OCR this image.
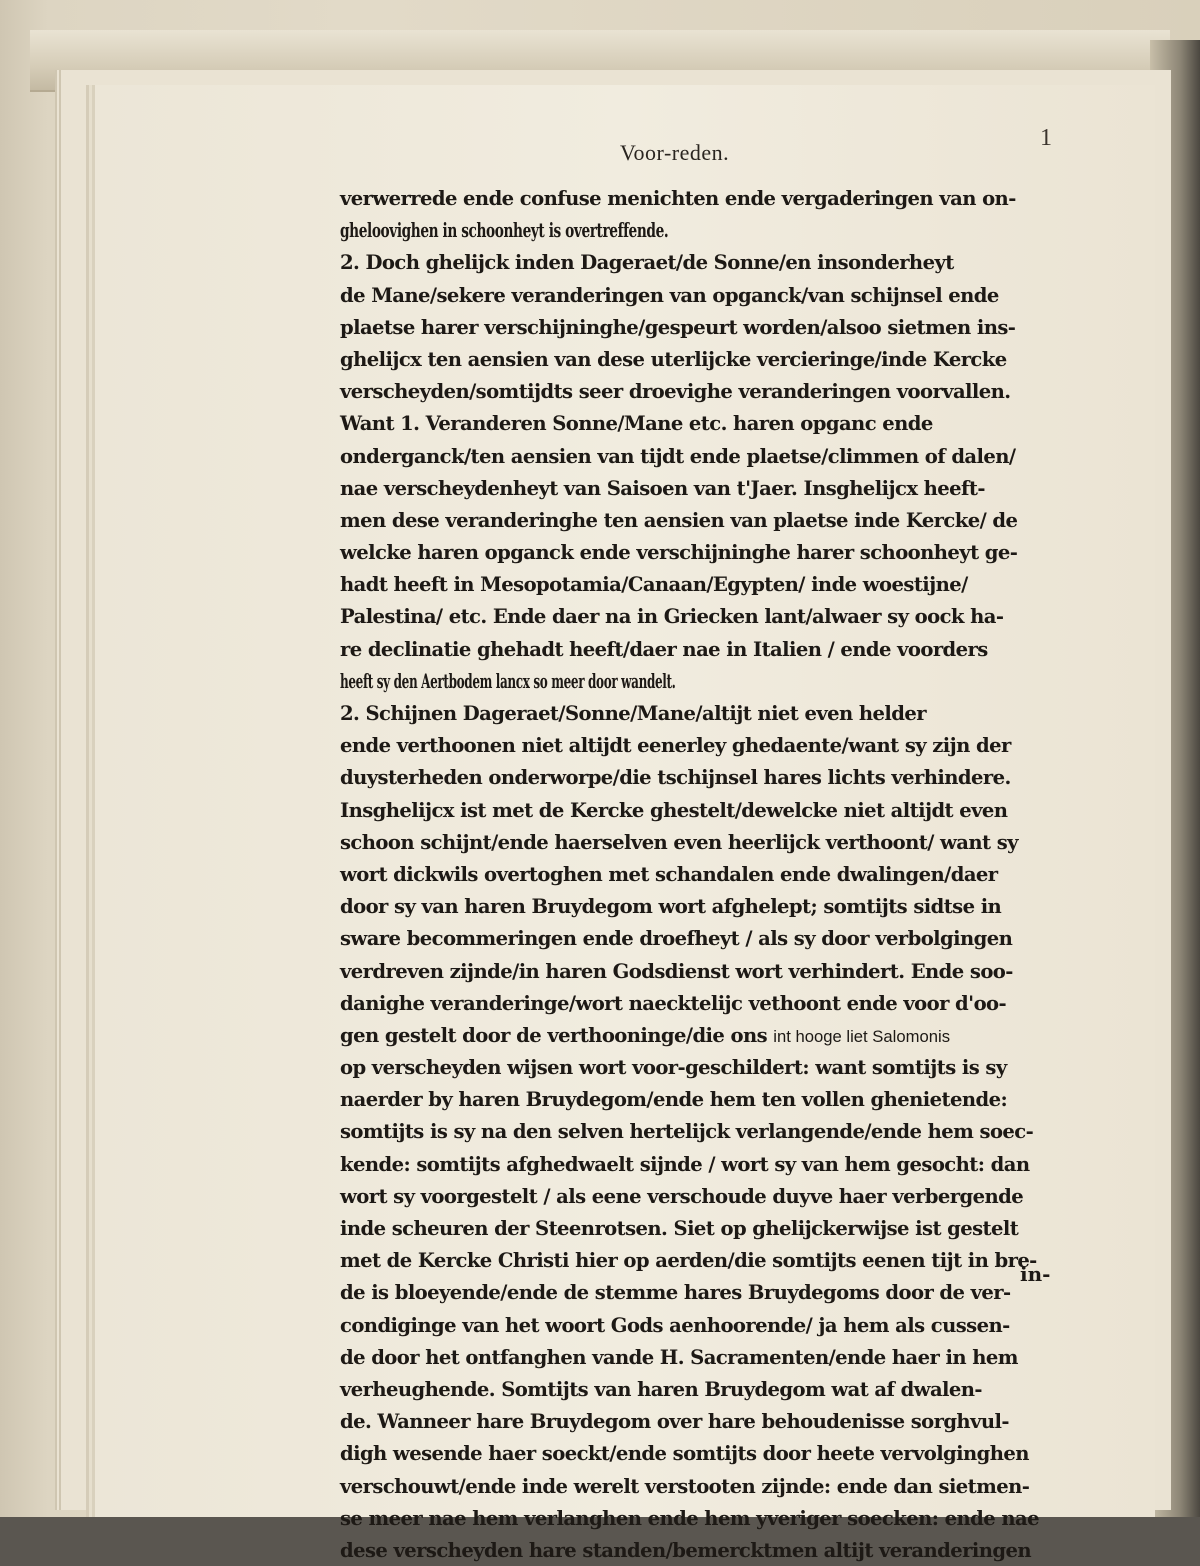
Voor-reden.
1
verwerrede ende confuse menichten ende vergaderingen van on-
gheloovighen in schoonheyt is overtreffende.
2. Doch ghelijck inden Dageraet/de Sonne/en insonderheyt
de Mane/sekere veranderingen van opganck/van schijnsel ende
plaetse harer verschijninghe/gespeurt worden/alsoo sietmen ins-
ghelijcx ten aensien van dese uterlijcke vercieringe/inde Kercke
verscheyden/somtijdts seer droevighe veranderingen voorvallen.
Want 1. Veranderen Sonne/Mane etc. haren opganc ende
onderganck/ten aensien van tijdt ende plaetse/climmen of dalen/
nae verscheydenheyt van Saisoen van t'Jaer. Insghelijcx heeft-
men dese veranderinghe ten aensien van plaetse inde Kercke/ de
welcke haren opganck ende verschijninghe harer schoonheyt ge-
hadt heeft in Mesopotamia/Canaan/Egypten/ inde woestijne/
Palestina/ etc. Ende daer na in Griecken lant/alwaer sy oock ha-
re declinatie ghehadt heeft/daer nae in Italien / ende voorders
heeft sy den Aertbodem lancx so meer door wandelt.
2. Schijnen Dageraet/Sonne/Mane/altijt niet even helder
ende verthoonen niet altijdt eenerley ghedaente/want sy zijn der
duysterheden onderworpe/die tschijnsel hares lichts verhindere.
Insghelijcx ist met de Kercke ghestelt/dewelcke niet altijdt even
schoon schijnt/ende haerselven even heerlijck verthoont/ want sy
wort dickwils overtoghen met schandalen ende dwalingen/daer
door sy van haren Bruydegom wort afghelept; somtijts sidtse in
sware becommeringen ende droefheyt / als sy door verbolgingen
verdreven zijnde/in haren Godsdienst wort verhindert. Ende soo-
danighe veranderinge/wort naecktelijc vethoont ende voor d'oo-
gen gestelt door de verthooninge/die ons int hooge liet Salomonis
op verscheyden wijsen wort voor-geschildert: want somtijts is sy
naerder by haren Bruydegom/ende hem ten vollen ghenietende:
somtijts is sy na den selven hertelijck verlangende/ende hem soec-
kende: somtijts afghedwaelt sijnde / wort sy van hem gesocht: dan
wort sy voorgestelt / als eene verschoude duyve haer verbergende
inde scheuren der Steenrotsen. Siet op ghelijckerwijse ist gestelt
met de Kercke Christi hier op aerden/die somtijts eenen tijt in bre-
de is bloeyende/ende de stemme hares Bruydegoms door de ver-
condiginge van het woort Gods aenhoorende/ ja hem als cussen-
de door het ontfanghen vande H. Sacramenten/ende haer in hem
verheughende. Somtijts van haren Bruydegom wat af dwalen-
de. Wanneer hare Bruydegom over hare behoudenisse sorghvul-
digh wesende haer soeckt/ende somtijts door heete vervolginghen
verschouwt/ende inde werelt verstooten zijnde: ende dan sietmen-
se meer nae hem verlanghen ende hem yveriger soecken: ende nae
dese verscheyden hare standen/bemercktmen altijt veranderingen
in-
